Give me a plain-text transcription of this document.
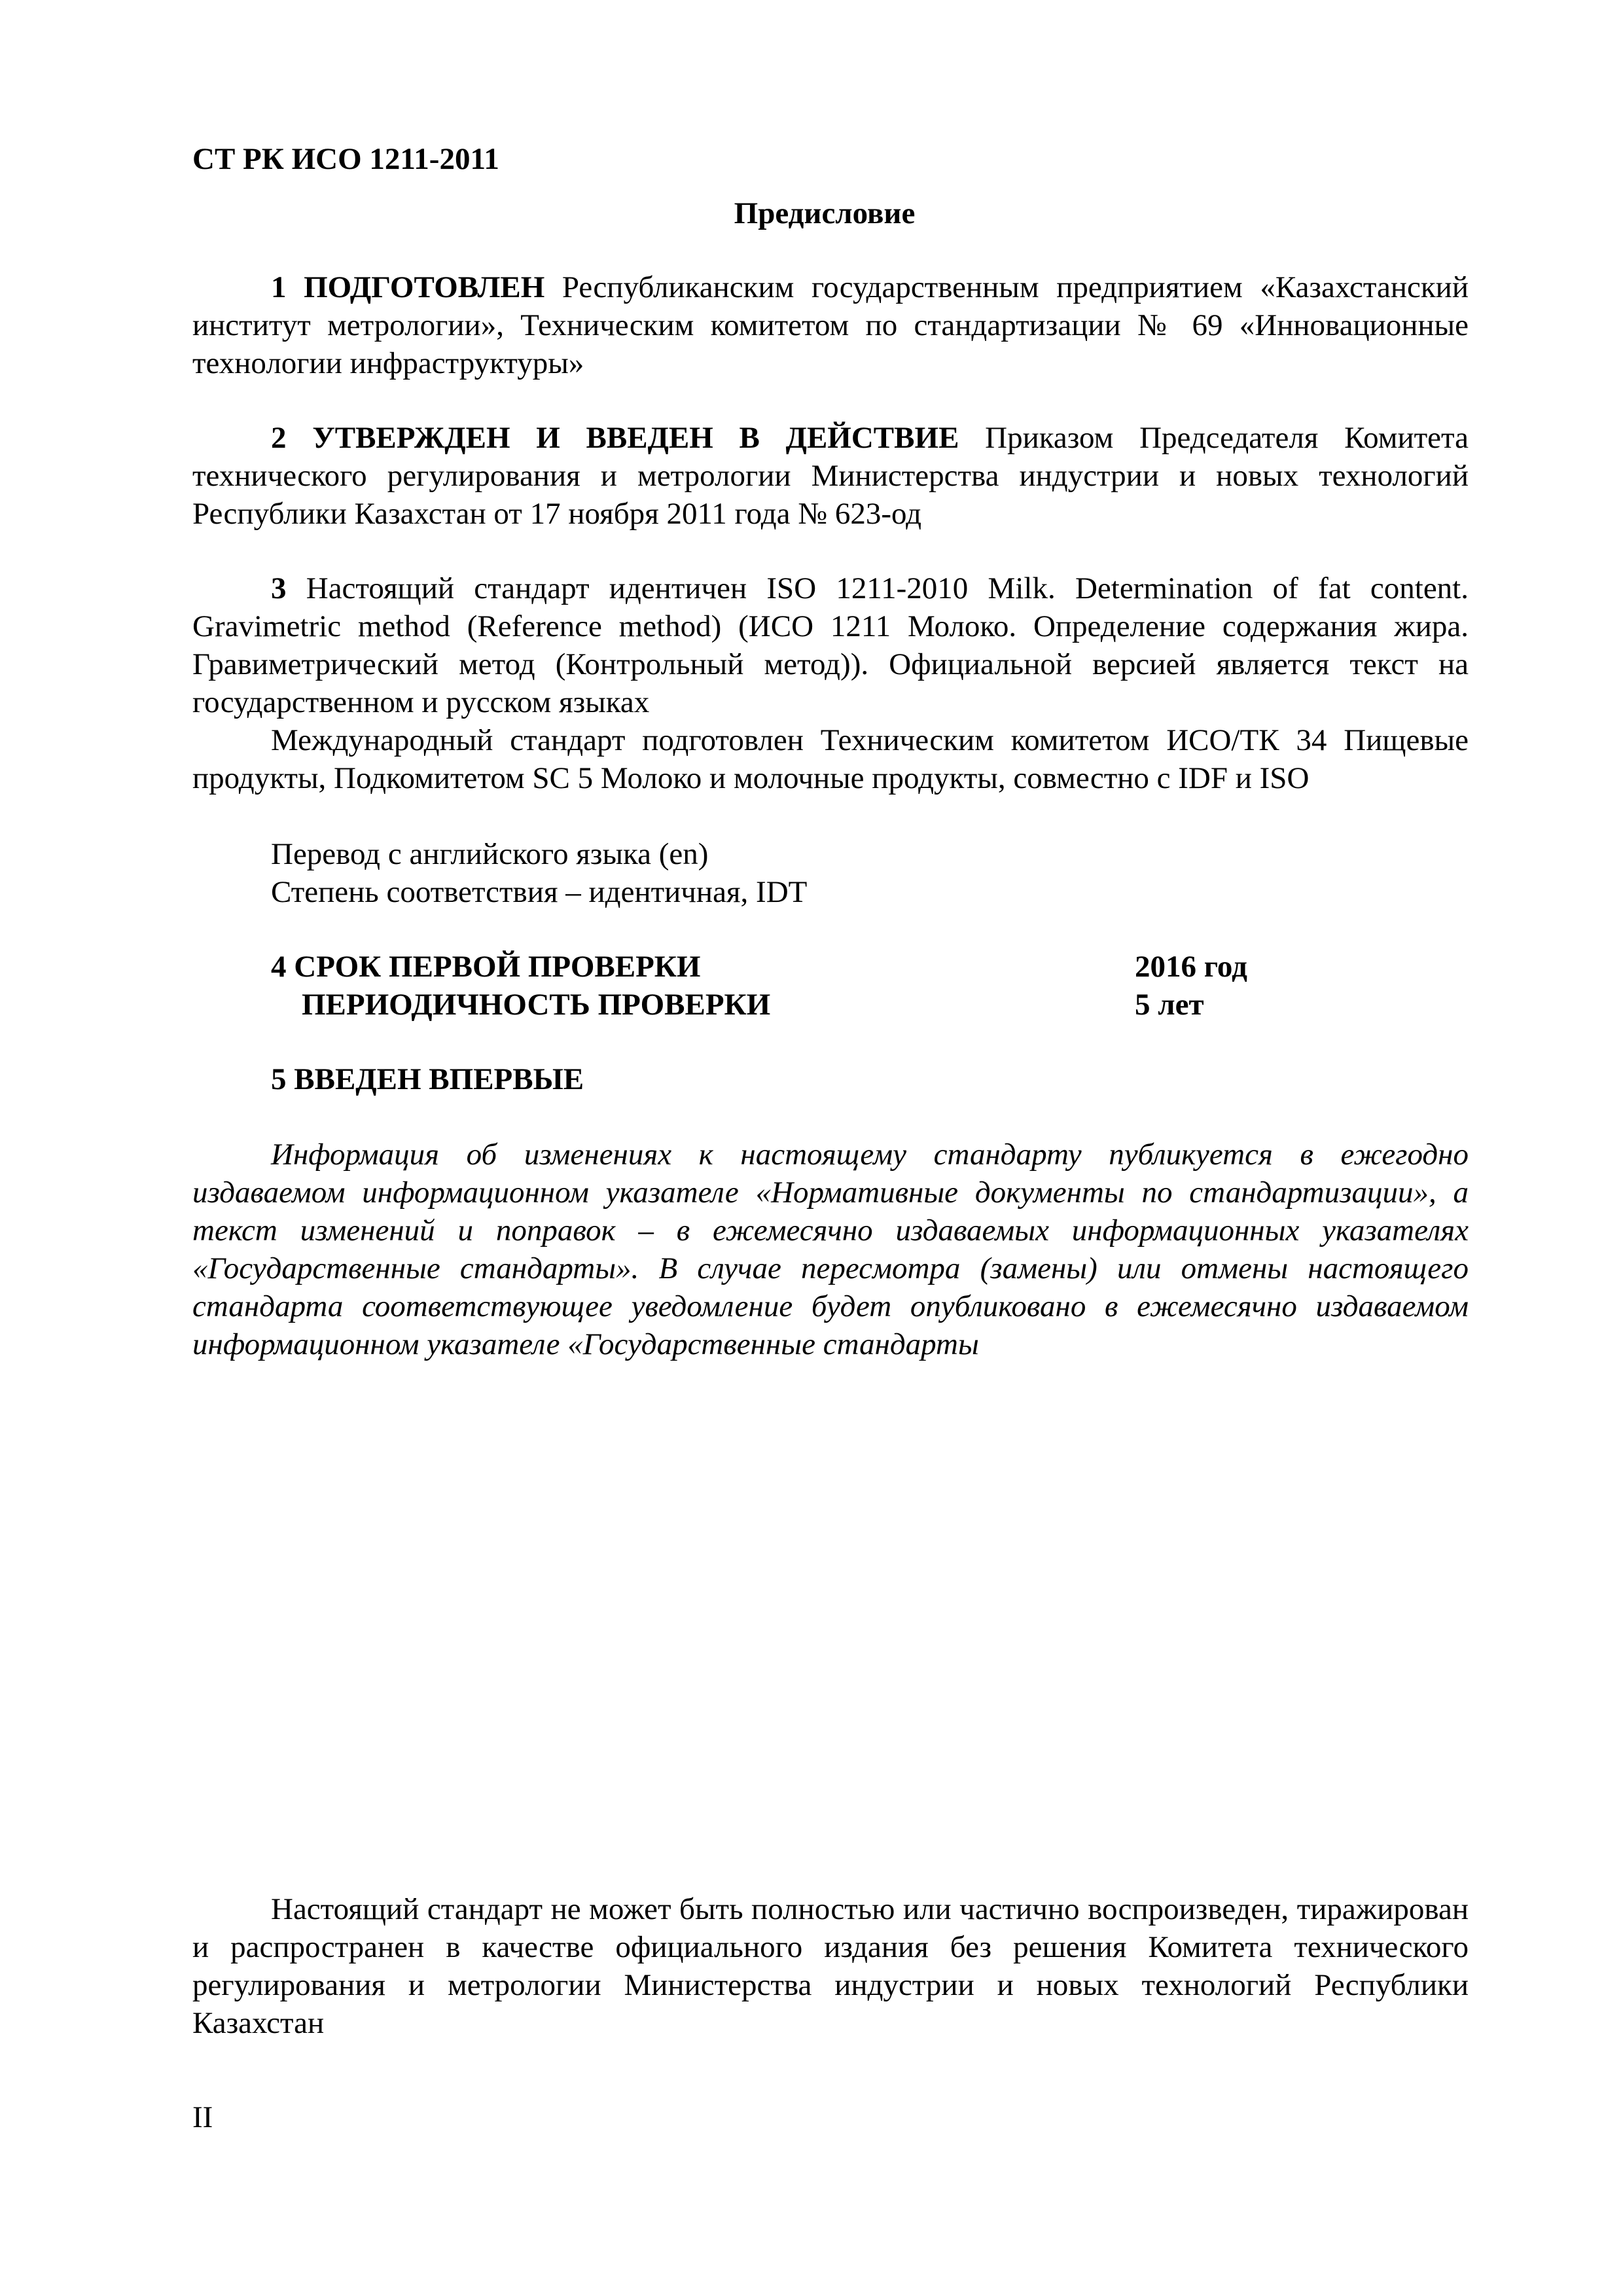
СТ РК ИСО 1211-2011
Предисловие

1 ПОДГОТОВЛЕН Республиканским государственным предприятием «Казахстанский институт метрологии», Техническим комитетом по стандартизации № 69 «Инновационные технологии инфраструктуры»

2 УТВЕРЖДЕН И ВВЕДЕН В ДЕЙСТВИЕ Приказом Председателя Комитета технического регулирования и метрологии Министерства индустрии и новых технологий Республики Казахстан от 17 ноября 2011 года № 623-од

3 Настоящий стандарт идентичен ISO 1211-2010 Milk. Determination of fat content. Gravimetric method (Reference method) (ИСО 1211 Молоко. Определение содержания жира. Гравиметрический метод (Контрольный метод)). Официальной версией является текст на государственном и русском языках

Международный стандарт подготовлен Техническим комитетом ИСО/ТК 34 Пищевые продукты, Подкомитетом SC 5 Молоко и молочные продукты, совместно с IDF и ISO

Перевод с английского языка (en)
Степень соответствия – идентичная, IDT
4 СРОК ПЕРВОЙ ПРОВЕРКИ	2016 год
ПЕРИОДИЧНОСТЬ ПРОВЕРКИ	5 лет
5 ВВЕДЕН ВПЕРВЫЕ

Информация об изменениях к настоящему стандарту публикуется в ежегодно издаваемом информационном указателе «Нормативные документы по стандартизации», а текст изменений и поправок – в ежемесячно издаваемых информационных указателях «Государственные стандарты». В случае пересмотра (замены) или отмены настоящего стандарта соответствующее уведомление будет опубликовано в ежемесячно издаваемом информационном указателе «Государственные стандарты

Настоящий стандарт не может быть полностью или частично воспроизведен, тиражирован и распространен в качестве официального издания без решения Комитета технического регулирования и метрологии Министерства индустрии и новых технологий Республики Казахстан

II
